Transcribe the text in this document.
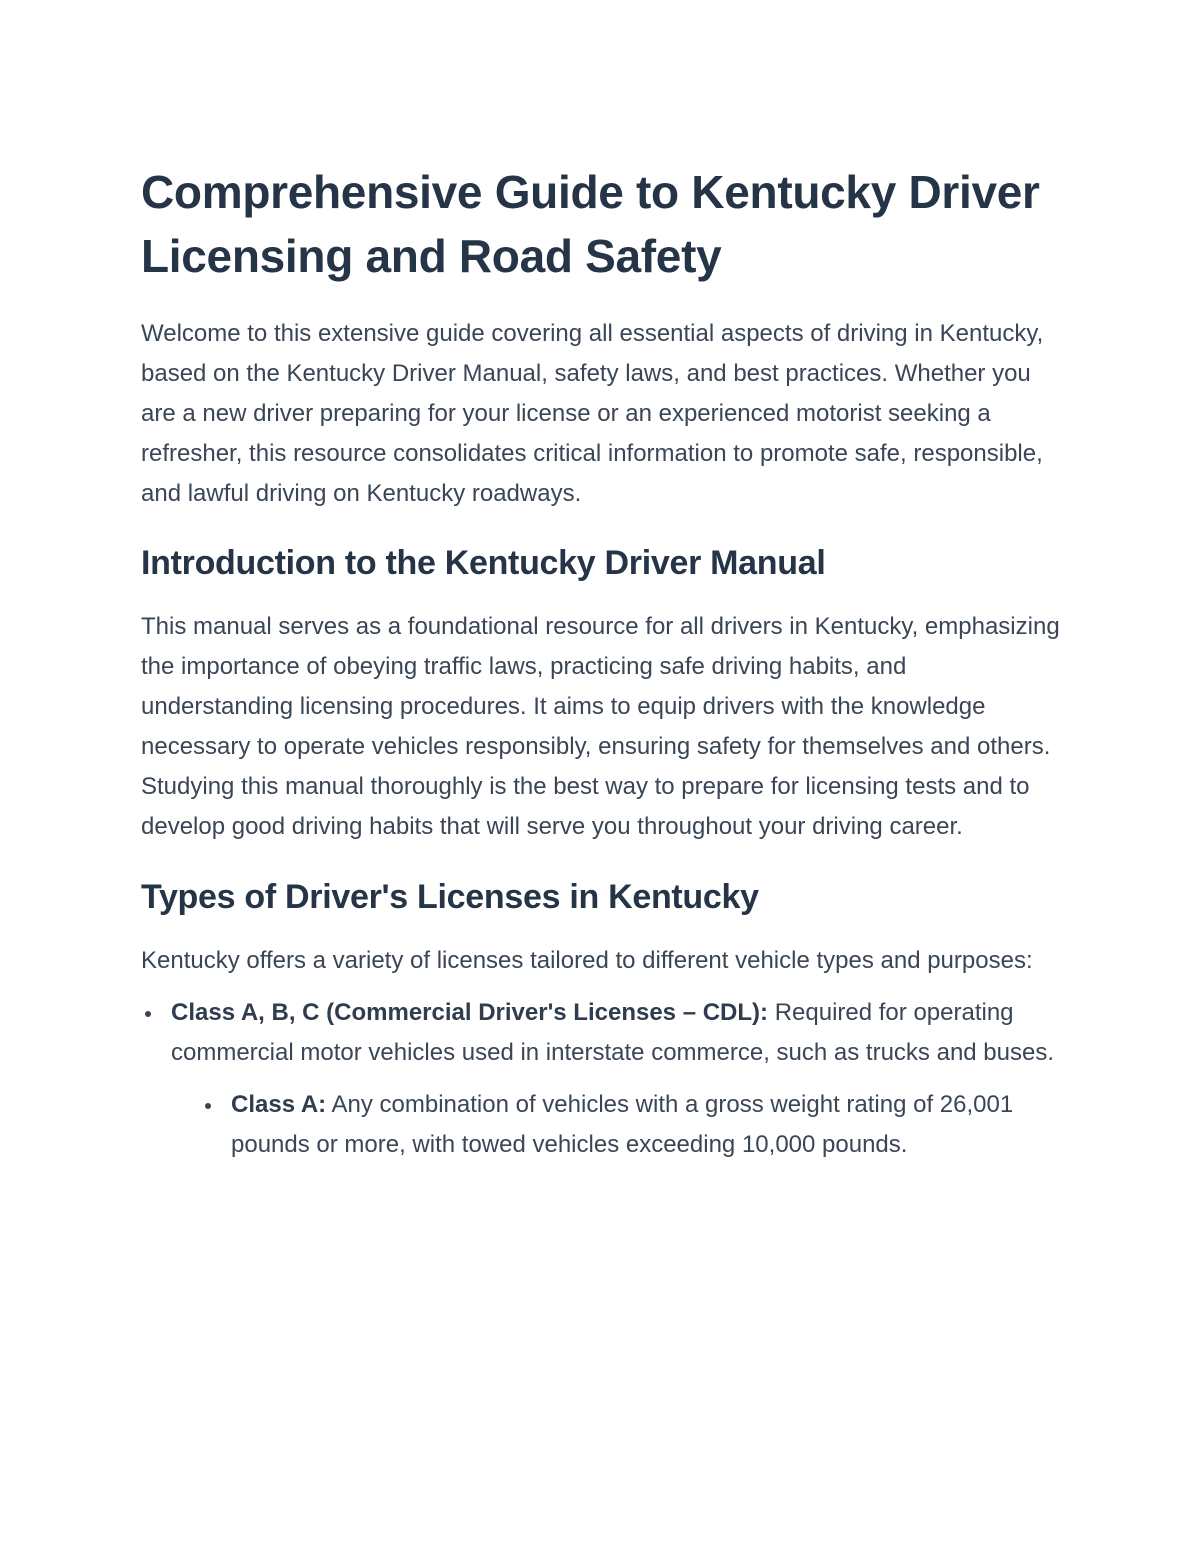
Comprehensive Guide to Kentucky Driver Licensing and Road Safety

Welcome to this extensive guide covering all essential aspects of driving in Kentucky, based on the Kentucky Driver Manual, safety laws, and best practices. Whether you are a new driver preparing for your license or an experienced motorist seeking a refresher, this resource consolidates critical information to promote safe, responsible, and lawful driving on Kentucky roadways.

Introduction to the Kentucky Driver Manual

This manual serves as a foundational resource for all drivers in Kentucky, emphasizing the importance of obeying traffic laws, practicing safe driving habits, and understanding licensing procedures. It aims to equip drivers with the knowledge necessary to operate vehicles responsibly, ensuring safety for themselves and others. Studying this manual thoroughly is the best way to prepare for licensing tests and to develop good driving habits that will serve you throughout your driving career.

Types of Driver's Licenses in Kentucky

Kentucky offers a variety of licenses tailored to different vehicle types and purposes:

Class A, B, C (Commercial Driver's Licenses – CDL): Required for operating commercial motor vehicles used in interstate commerce, such as trucks and buses.
Class A: Any combination of vehicles with a gross weight rating of 26,001 pounds or more, with towed vehicles exceeding 10,000 pounds.
